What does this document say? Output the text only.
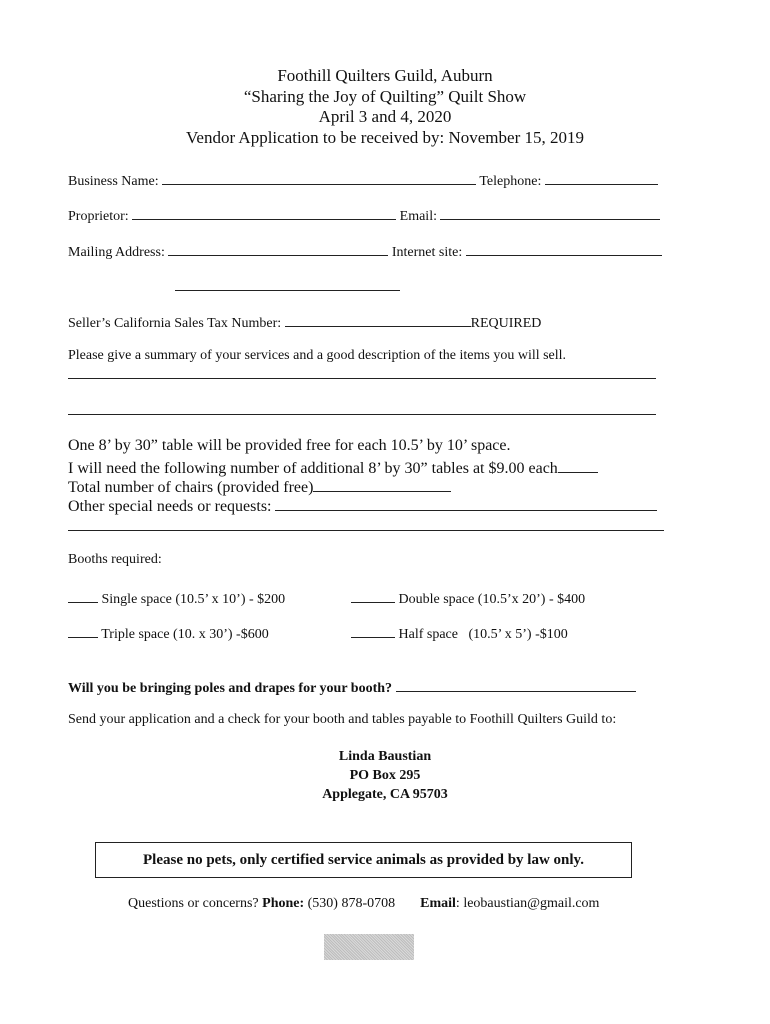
Foothill Quilters Guild, Auburn
“Sharing the Joy of Quilting” Quilt Show
April 3 and 4, 2020
Vendor Application to be received by: November 15, 2019
Business Name:	Telephone:
Proprietor:	Email:
Mailing Address:	Internet site:
Seller’s California Sales Tax Number:	REQUIRED
Please give a summary of your services and a good description of the items you will sell.
One 8’ by 30” table will be provided free for each 10.5’ by 10’ space.
I will need the following number of additional 8’ by 30” tables at $9.00 each
Total number of chairs (provided free)
Other special needs or requests:
Booths required:
Single space (10.5’ x 10’) - $200	Double space (10.5’x 20’) - $400
Triple space (10. x 30’) -$600	Half space   (10.5’ x 5’) -$100
Will you be bringing poles and drapes for your booth?
Send your application and a check for your booth and tables payable to Foothill Quilters Guild to:
Linda Baustian
PO Box 295
Applegate, CA 95703
Please no pets, only certified service animals as provided by law only.
Questions or concerns? Phone: (530) 878-0708 Email: leobaustian@gmail.com
